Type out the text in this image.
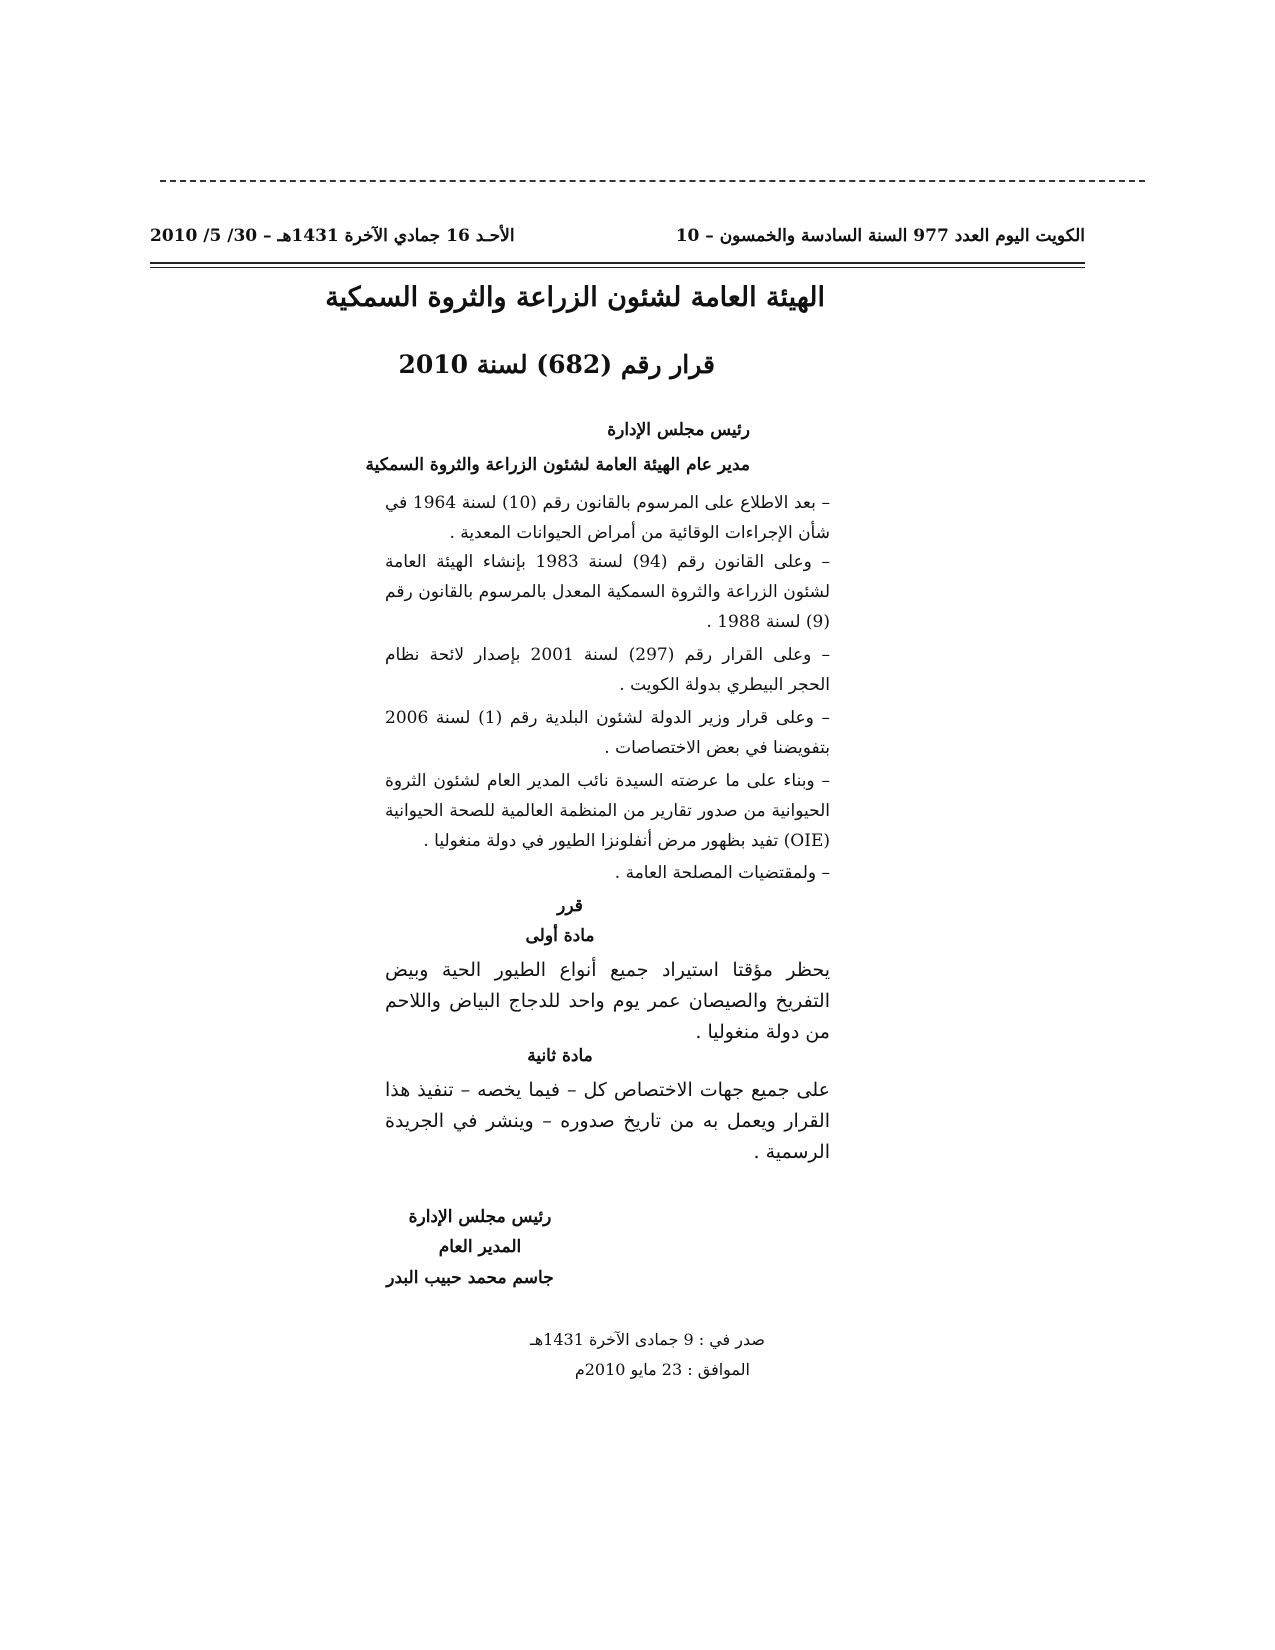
الكويت اليوم العدد 977 السنة السادسة والخمسون – 10
الأحـد 16 جمادي الآخرة 1431هـ – 30/ 5/ 2010
الهيئة العامة لشئون الزراعة والثروة السمكية
قرار رقم (682) لسنة 2010
رئيس مجلس الإدارة
مدير عام الهيئة العامة لشئون الزراعة والثروة السمكية
– بعد الاطلاع على المرسوم بالقانون رقم (10) لسنة 1964 في شأن الإجراءات الوقائية من أمراض الحيوانات المعدية .
– وعلى القانون رقم (94) لسنة 1983 بإنشاء الهيئة العامة لشئون الزراعة والثروة السمكية المعدل بالمرسوم بالقانون رقم (9) لسنة 1988 .
– وعلى القرار رقم (297) لسنة 2001 بإصدار لائحة نظام الحجر البيطري بدولة الكويت .
– وعلى قرار وزير الدولة لشئون البلدية رقم (1) لسنة 2006 بتفويضنا في بعض الاختصاصات .
– وبناء على ما عرضته السيدة نائب المدير العام لشئون الثروة الحيوانية من صدور تقارير من المنظمة العالمية للصحة الحيوانية (OIE) تفيد بظهور مرض أنفلونزا الطيور في دولة منغوليا .
– ولمقتضيات المصلحة العامة .
قرر
مادة أولى
يحظر مؤقتا استيراد جميع أنواع الطيور الحية وبيض التفريخ والصيصان عمر يوم واحد للدجاج البياض واللاحم من دولة منغوليا .
مادة ثانية
على جميع جهات الاختصاص كل – فيما يخصه – تنفيذ هذا القرار ويعمل به من تاريخ صدوره – وينشر في الجريدة الرسمية .
رئيس مجلس الإدارة
المدير العام
جاسم محمد حبيب البدر
صدر في : 9 جمادى الآخرة 1431هـ
الموافق : 23 مايو 2010م
